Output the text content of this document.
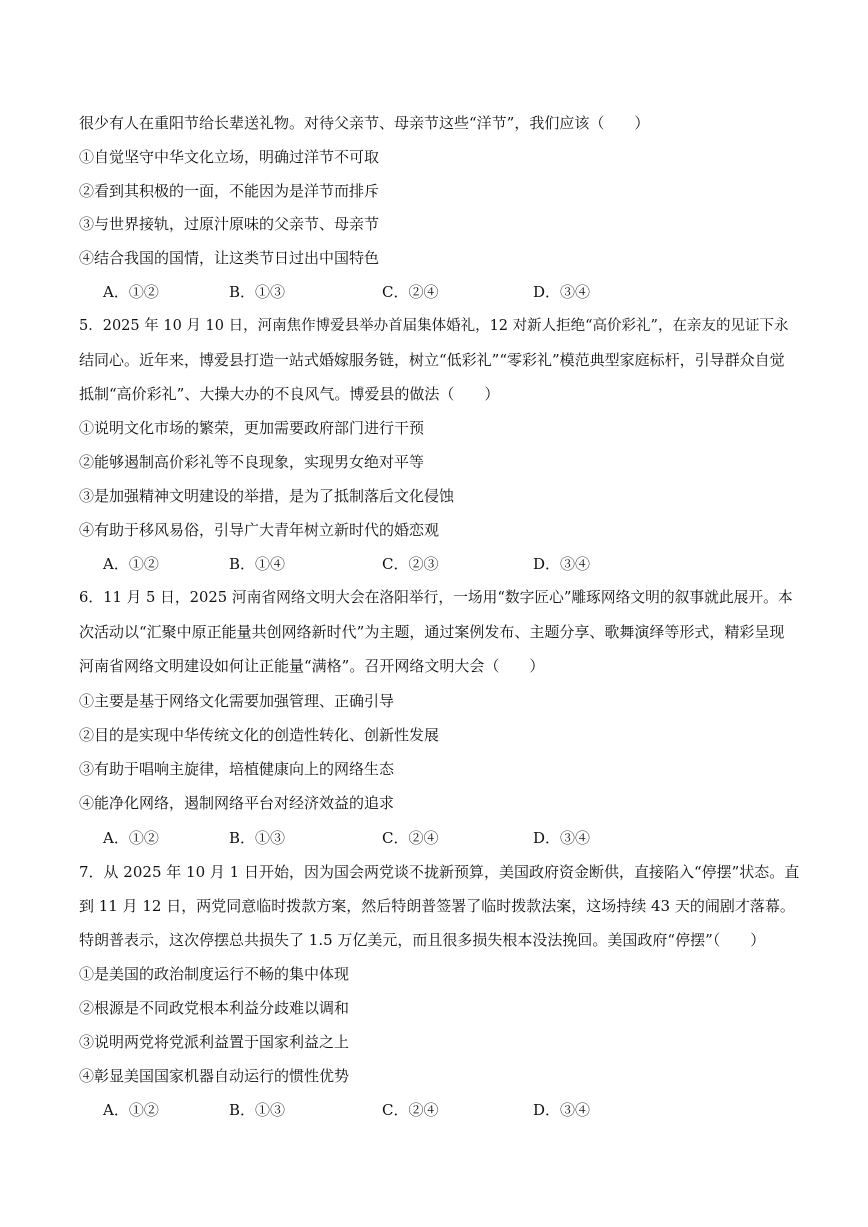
很少有人在重阳节给长辈送礼物。对待父亲节、母亲节这些“洋节”，我们应该（　　）
①自觉坚守中华文化立场，明确过洋节不可取
②看到其积极的一面，不能因为是洋节而排斥
③与世界接轨，过原汁原味的父亲节、母亲节
④结合我国的国情，让这类节日过出中国特色
A．①②	B．①③	C．②④	D．③④
5．2025 年 10 月 10 日，河南焦作博爱县举办首届集体婚礼，12 对新人拒绝“高价彩礼”，在亲友的见证下永
结同心。近年来，博爱县打造一站式婚嫁服务链，树立“低彩礼”“零彩礼”模范典型家庭标杆，引导群众自觉
抵制“高价彩礼”、大操大办的不良风气。博爱县的做法（　　）
①说明文化市场的繁荣，更加需要政府部门进行干预
②能够遏制高价彩礼等不良现象，实现男女绝对平等
③是加强精神文明建设的举措，是为了抵制落后文化侵蚀
④有助于移风易俗，引导广大青年树立新时代的婚恋观
A．①②	B．①④	C．②③	D．③④
6．11 月 5 日，2025 河南省网络文明大会在洛阳举行，一场用“数字匠心”雕琢网络文明的叙事就此展开。本
次活动以“汇聚中原正能量共创网络新时代”为主题，通过案例发布、主题分享、歌舞演绎等形式，精彩呈现
河南省网络文明建设如何让正能量“满格”。召开网络文明大会（　　）
①主要是基于网络文化需要加强管理、正确引导
②目的是实现中华传统文化的创造性转化、创新性发展
③有助于唱响主旋律，培植健康向上的网络生态
④能净化网络，遏制网络平台对经济效益的追求
A．①②	B．①③	C．②④	D．③④
7．从 2025 年 10 月 1 日开始，因为国会两党谈不拢新预算，美国政府资金断供，直接陷入“停摆”状态。直
到 11 月 12 日，两党同意临时拨款方案，然后特朗普签署了临时拨款法案，这场持续 43 天的闹剧才落幕。
特朗普表示，这次停摆总共损失了 1.5 万亿美元，而且很多损失根本没法挽回。美国政府“停摆”（　　）
①是美国的政治制度运行不畅的集中体现
②根源是不同政党根本利益分歧难以调和
③说明两党将党派利益置于国家利益之上
④彰显美国国家机器自动运行的惯性优势
A．①②	B．①③	C．②④	D．③④
